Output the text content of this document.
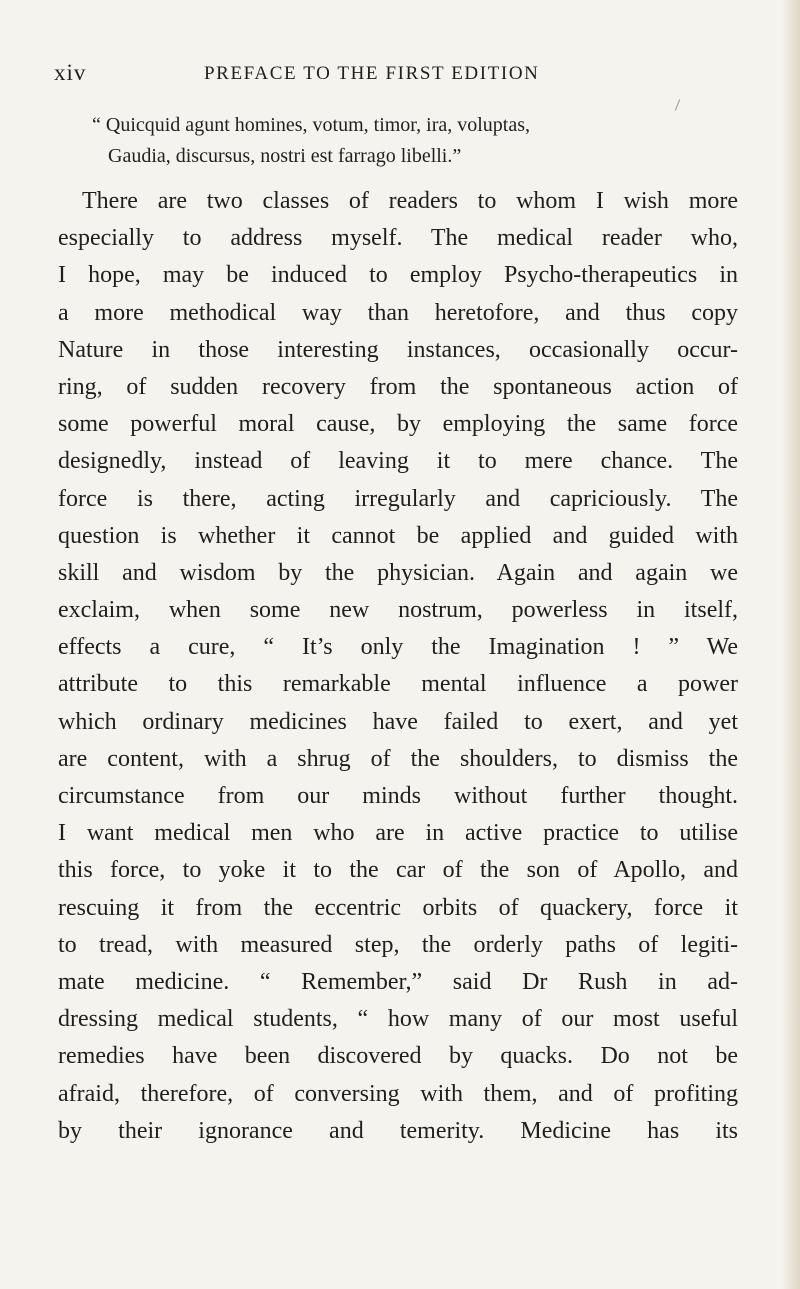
xiv	PREFACE TO THE FIRST EDITION
“ Quicquid agunt homines, votum, timor, ira, voluptas,
Gaudia, discursus, nostri est farrago libelli.”
There are two classes of readers to whom I wish more
especially to address myself. The medical reader who,
I hope, may be induced to employ Psycho-therapeutics in
a more methodical way than heretofore, and thus copy
Nature in those interesting instances, occasionally occur-
ring, of sudden recovery from the spontaneous action of
some powerful moral cause, by employing the same force
designedly, instead of leaving it to mere chance. The
force is there, acting irregularly and capriciously. The
question is whether it cannot be applied and guided with
skill and wisdom by the physician. Again and again we
exclaim, when some new nostrum, powerless in itself,
effects a cure, “ It’s only the Imagination ! ” We
attribute to this remarkable mental influence a power
which ordinary medicines have failed to exert, and yet
are content, with a shrug of the shoulders, to dismiss the
circumstance from our minds without further thought.
I want medical men who are in active practice to utilise
this force, to yoke it to the car of the son of Apollo, and
rescuing it from the eccentric orbits of quackery, force it
to tread, with measured step, the orderly paths of legiti-
mate medicine. “ Remember,” said Dr Rush in ad-
dressing medical students, “ how many of our most useful
remedies have been discovered by quacks. Do not be
afraid, therefore, of conversing with them, and of profiting
by their ignorance and temerity. Medicine has its
